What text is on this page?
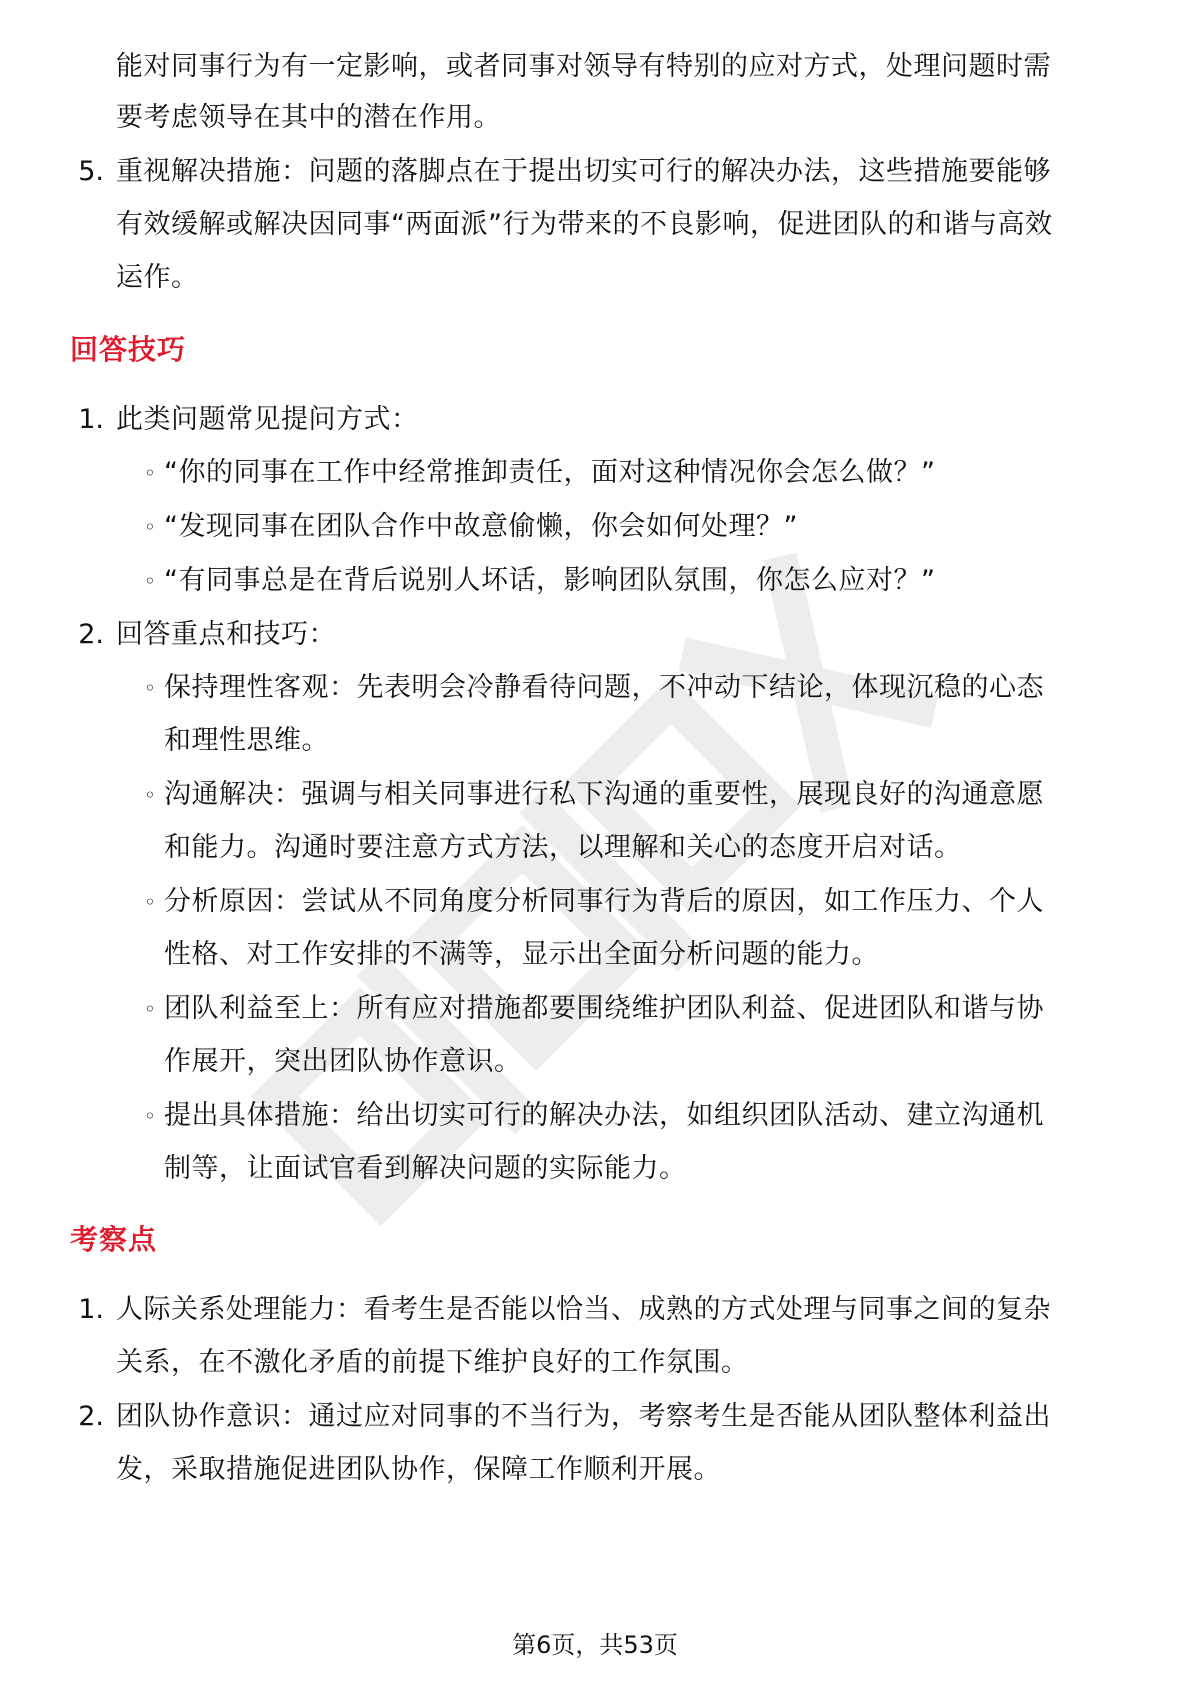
能对同事行为有一定影响，或者同事对领导有特别的应对方式，处理问题时需
要考虑领导在其中的潜在作用。
5. 重视解决措施：问题的落脚点在于提出切实可行的解决办法，这些措施要能够
有效缓解或解决因同事“两面派”行为带来的不良影响，促进团队的和谐与高效
运作。
回答技巧
1. 此类问题常见提问方式：
◦ “你的同事在工作中经常推卸责任，面对这种情况你会怎么做？”
◦ “发现同事在团队合作中故意偷懒，你会如何处理？”
◦ “有同事总是在背后说别人坏话，影响团队氛围，你怎么应对？”
2. 回答重点和技巧：
◦ 保持理性客观：先表明会冷静看待问题，不冲动下结论，体现沉稳的心态
和理性思维。
◦ 沟通解决：强调与相关同事进行私下沟通的重要性，展现良好的沟通意愿
和能力。沟通时要注意方式方法，以理解和关心的态度开启对话。
◦ 分析原因：尝试从不同角度分析同事行为背后的原因，如工作压力、个人
性格、对工作安排的不满等，显示出全面分析问题的能力。
◦ 团队利益至上：所有应对措施都要围绕维护团队利益、促进团队和谐与协
作展开，突出团队协作意识。
◦ 提出具体措施：给出切实可行的解决办法，如组织团队活动、建立沟通机
制等，让面试官看到解决问题的实际能力。
考察点
1. 人际关系处理能力：看考生是否能以恰当、成熟的方式处理与同事之间的复杂
关系，在不激化矛盾的前提下维护良好的工作氛围。
2. 团队协作意识：通过应对同事的不当行为，考察考生是否能从团队整体利益出
发，采取措施促进团队协作，保障工作顺利开展。
第6页，共53页
